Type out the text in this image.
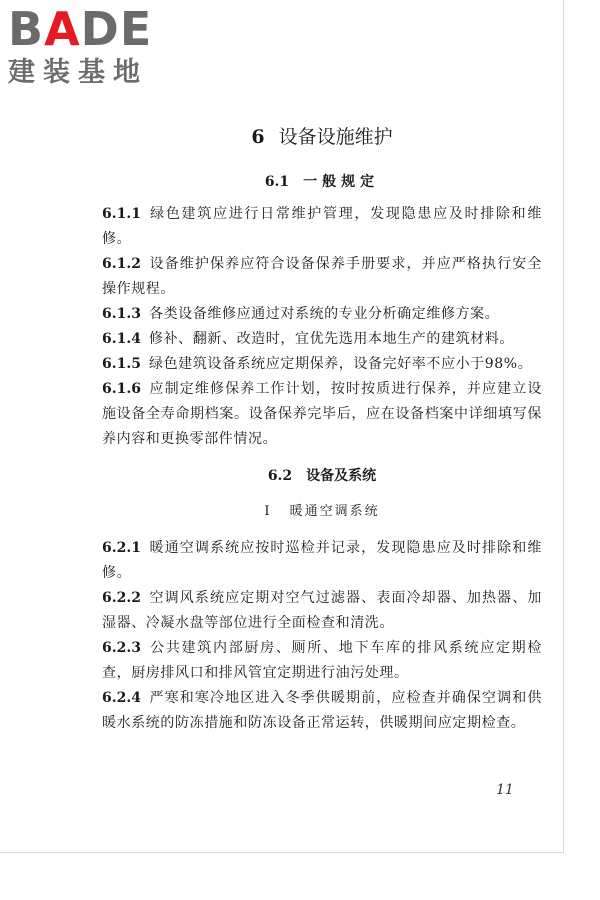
BADE
建装基地
6 设备设施维护
6.1 一般规定

6.1.1 绿色建筑应进行日常维护管理，发现隐患应及时排除和维修。

6.1.2 设备维护保养应符合设备保养手册要求，并应严格执行安全操作规程。

6.1.3 各类设备维修应通过对系统的专业分析确定维修方案。

6.1.4 修补、翻新、改造时，宜优先选用本地生产的建筑材料。

6.1.5 绿色建筑设备系统应定期保养，设备完好率不应小于98%。

6.1.6 应制定维修保养工作计划，按时按质进行保养，并应建立设施设备全寿命期档案。设备保养完毕后，应在设备档案中详细填写保养内容和更换零部件情况。

6.2 设备及系统
Ⅰ 暖通空调系统

6.2.1 暖通空调系统应按时巡检并记录，发现隐患应及时排除和维修。

6.2.2 空调风系统应定期对空气过滤器、表面冷却器、加热器、加湿器、冷凝水盘等部位进行全面检查和清洗。

6.2.3 公共建筑内部厨房、厕所、地下车库的排风系统应定期检查，厨房排风口和排风管宜定期进行油污处理。

6.2.4 严寒和寒冷地区进入冬季供暖期前，应检查并确保空调和供暖水系统的防冻措施和防冻设备正常运转，供暖期间应定期检查。

11
